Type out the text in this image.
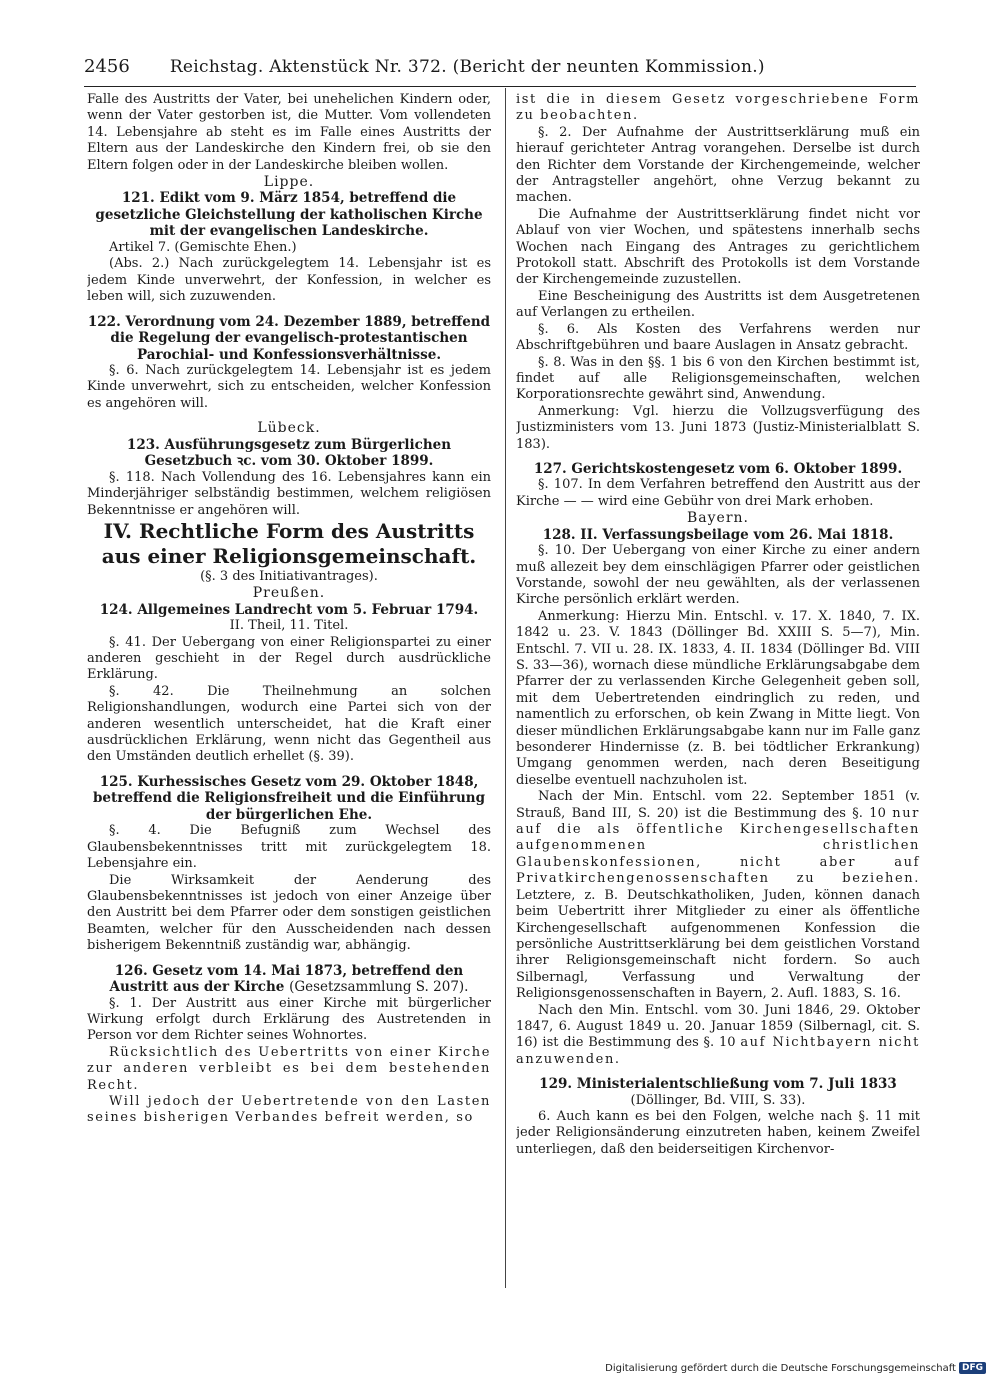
2456 Reichstag. Aktenstück Nr. 372. (Bericht der neunten Kommission.)

Falle des Austritts der Vater, bei unehelichen Kindern oder, wenn der Vater gestorben ist, die Mutter. Vom vollendeten 14. Lebensjahre ab steht es im Falle eines Austritts der Eltern aus der Landeskirche den Kindern frei, ob sie den Eltern folgen oder in der Landeskirche bleiben wollen.

Lippe.

121. Edikt vom 9. März 1854, betreffend die gesetzliche Gleichstellung der katholischen Kirche mit der evangelischen Landeskirche.

Artikel 7. (Gemischte Ehen.)

(Abs. 2.) Nach zurückgelegtem 14. Lebensjahr ist es jedem Kinde unverwehrt, der Konfession, in welcher es leben will, sich zuzuwenden.

122. Verordnung vom 24. Dezember 1889, betreffend die Regelung der evangelisch-protestantischen Parochial- und Konfessionsverhältnisse.

§. 6. Nach zurückgelegtem 14. Lebensjahr ist es jedem Kinde unverwehrt, sich zu entscheiden, welcher Konfession es angehören will.

Lübeck.

123. Ausführungsgesetz zum Bürgerlichen Gesetzbuch ꝛc. vom 30. Oktober 1899.

§. 118. Nach Vollendung des 16. Lebensjahres kann ein Minderjähriger selbständig bestimmen, welchem religiösen Bekenntnisse er angehören will.

IV. Rechtliche Form des Austritts aus einer Religionsgemeinschaft.

(§. 3 des Initiativantrages).

Preußen.

124. Allgemeines Landrecht vom 5. Februar 1794.

II. Theil, 11. Titel.

§. 41. Der Uebergang von einer Religionspartei zu einer anderen geschieht in der Regel durch ausdrückliche Erklärung.

§. 42. Die Theilnehmung an solchen Religionshandlungen, wodurch eine Partei sich von der anderen wesentlich unterscheidet, hat die Kraft einer ausdrücklichen Erklärung, wenn nicht das Gegentheil aus den Umständen deutlich erhellet (§. 39).

125. Kurhessisches Gesetz vom 29. Oktober 1848, betreffend die Religionsfreiheit und die Einführung der bürgerlichen Ehe.

§. 4. Die Befugniß zum Wechsel des Glaubensbekenntnisses tritt mit zurückgelegtem 18. Lebensjahre ein.

Die Wirksamkeit der Aenderung des Glaubensbekenntnisses ist jedoch von einer Anzeige über den Austritt bei dem Pfarrer oder dem sonstigen geistlichen Beamten, welcher für den Ausscheidenden nach dessen bisherigem Bekenntniß zuständig war, abhängig.

126. Gesetz vom 14. Mai 1873, betreffend den Austritt aus der Kirche (Gesetzsammlung S. 207).

§. 1. Der Austritt aus einer Kirche mit bürgerlicher Wirkung erfolgt durch Erklärung des Austretenden in Person vor dem Richter seines Wohnortes.

Rücksichtlich des Uebertritts von einer Kirche zur anderen verbleibt es bei dem bestehenden Recht.

Will jedoch der Uebertretende von den Lasten seines bisherigen Verbandes befreit werden, so

ist die in diesem Gesetz vorgeschriebene Form zu beobachten.

§. 2. Der Aufnahme der Austrittserklärung muß ein hierauf gerichteter Antrag vorangehen. Derselbe ist durch den Richter dem Vorstande der Kirchengemeinde, welcher der Antragsteller angehört, ohne Verzug bekannt zu machen.

Die Aufnahme der Austrittserklärung findet nicht vor Ablauf von vier Wochen, und spätestens innerhalb sechs Wochen nach Eingang des Antrages zu gerichtlichem Protokoll statt. Abschrift des Protokolls ist dem Vorstande der Kirchengemeinde zuzustellen.

Eine Bescheinigung des Austritts ist dem Ausgetretenen auf Verlangen zu ertheilen.

§. 6. Als Kosten des Verfahrens werden nur Abschriftgebühren und baare Auslagen in Ansatz gebracht.

§. 8. Was in den §§. 1 bis 6 von den Kirchen bestimmt ist, findet auf alle Religionsgemeinschaften, welchen Korporationsrechte gewährt sind, Anwendung.

Anmerkung: Vgl. hierzu die Vollzugsverfügung des Justizministers vom 13. Juni 1873 (Justiz-Ministerialblatt S. 183).

127. Gerichtskostengesetz vom 6. Oktober 1899.

§. 107. In dem Verfahren betreffend den Austritt aus der Kirche — — wird eine Gebühr von drei Mark erhoben.

Bayern.

128. II. Verfassungsbeilage vom 26. Mai 1818.

§. 10. Der Uebergang von einer Kirche zu einer andern muß allezeit bey dem einschlägigen Pfarrer oder geistlichen Vorstande, sowohl der neu gewählten, als der verlassenen Kirche persönlich erklärt werden.

Anmerkung: Hierzu Min. Entschl. v. 17. X. 1840, 7. IX. 1842 u. 23. V. 1843 (Döllinger Bd. XXIII S. 5—7), Min. Entschl. 7. VII u. 28. IX. 1833, 4. II. 1834 (Döllinger Bd. VIII S. 33—36), wornach diese mündliche Erklärungsabgabe dem Pfarrer der zu verlassenden Kirche Gelegenheit geben soll, mit dem Uebertretenden eindringlich zu reden, und namentlich zu erforschen, ob kein Zwang in Mitte liegt. Von dieser mündlichen Erklärungsabgabe kann nur im Falle ganz besonderer Hindernisse (z. B. bei tödtlicher Erkrankung) Umgang genommen werden, nach deren Beseitigung dieselbe eventuell nachzuholen ist.

Nach der Min. Entschl. vom 22. September 1851 (v. Strauß, Band III, S. 20) ist die Bestimmung des §. 10 nur auf die als öffentliche Kirchengesellschaften aufgenommenen christlichen Glaubenskonfessionen, nicht aber auf Privatkirchengenossenschaften zu beziehen. Letztere, z. B. Deutschkatholiken, Juden, können danach beim Uebertritt ihrer Mitglieder zu einer als öffentliche Kirchengesellschaft aufgenommenen Konfession die persönliche Austrittserklärung bei dem geistlichen Vorstand ihrer Religionsgemeinschaft nicht fordern. So auch Silbernagl, Verfassung und Verwaltung der Religionsgenossenschaften in Bayern, 2. Aufl. 1883, S. 16.

Nach den Min. Entschl. vom 30. Juni 1846, 29. Oktober 1847, 6. August 1849 u. 20. Januar 1859 (Silbernagl, cit. S. 16) ist die Bestimmung des §. 10 auf Nichtbayern nicht anzuwenden.

129. Ministerialentschließung vom 7. Juli 1833

(Döllinger, Bd. VIII, S. 33).

6. Auch kann es bei den Folgen, welche nach §. 11 mit jeder Religionsänderung einzutreten haben, keinem Zweifel unterliegen, daß den beiderseitigen Kirchenvor-

Digitalisierung gefördert durch die Deutsche Forschungsgemeinschaft DFG
